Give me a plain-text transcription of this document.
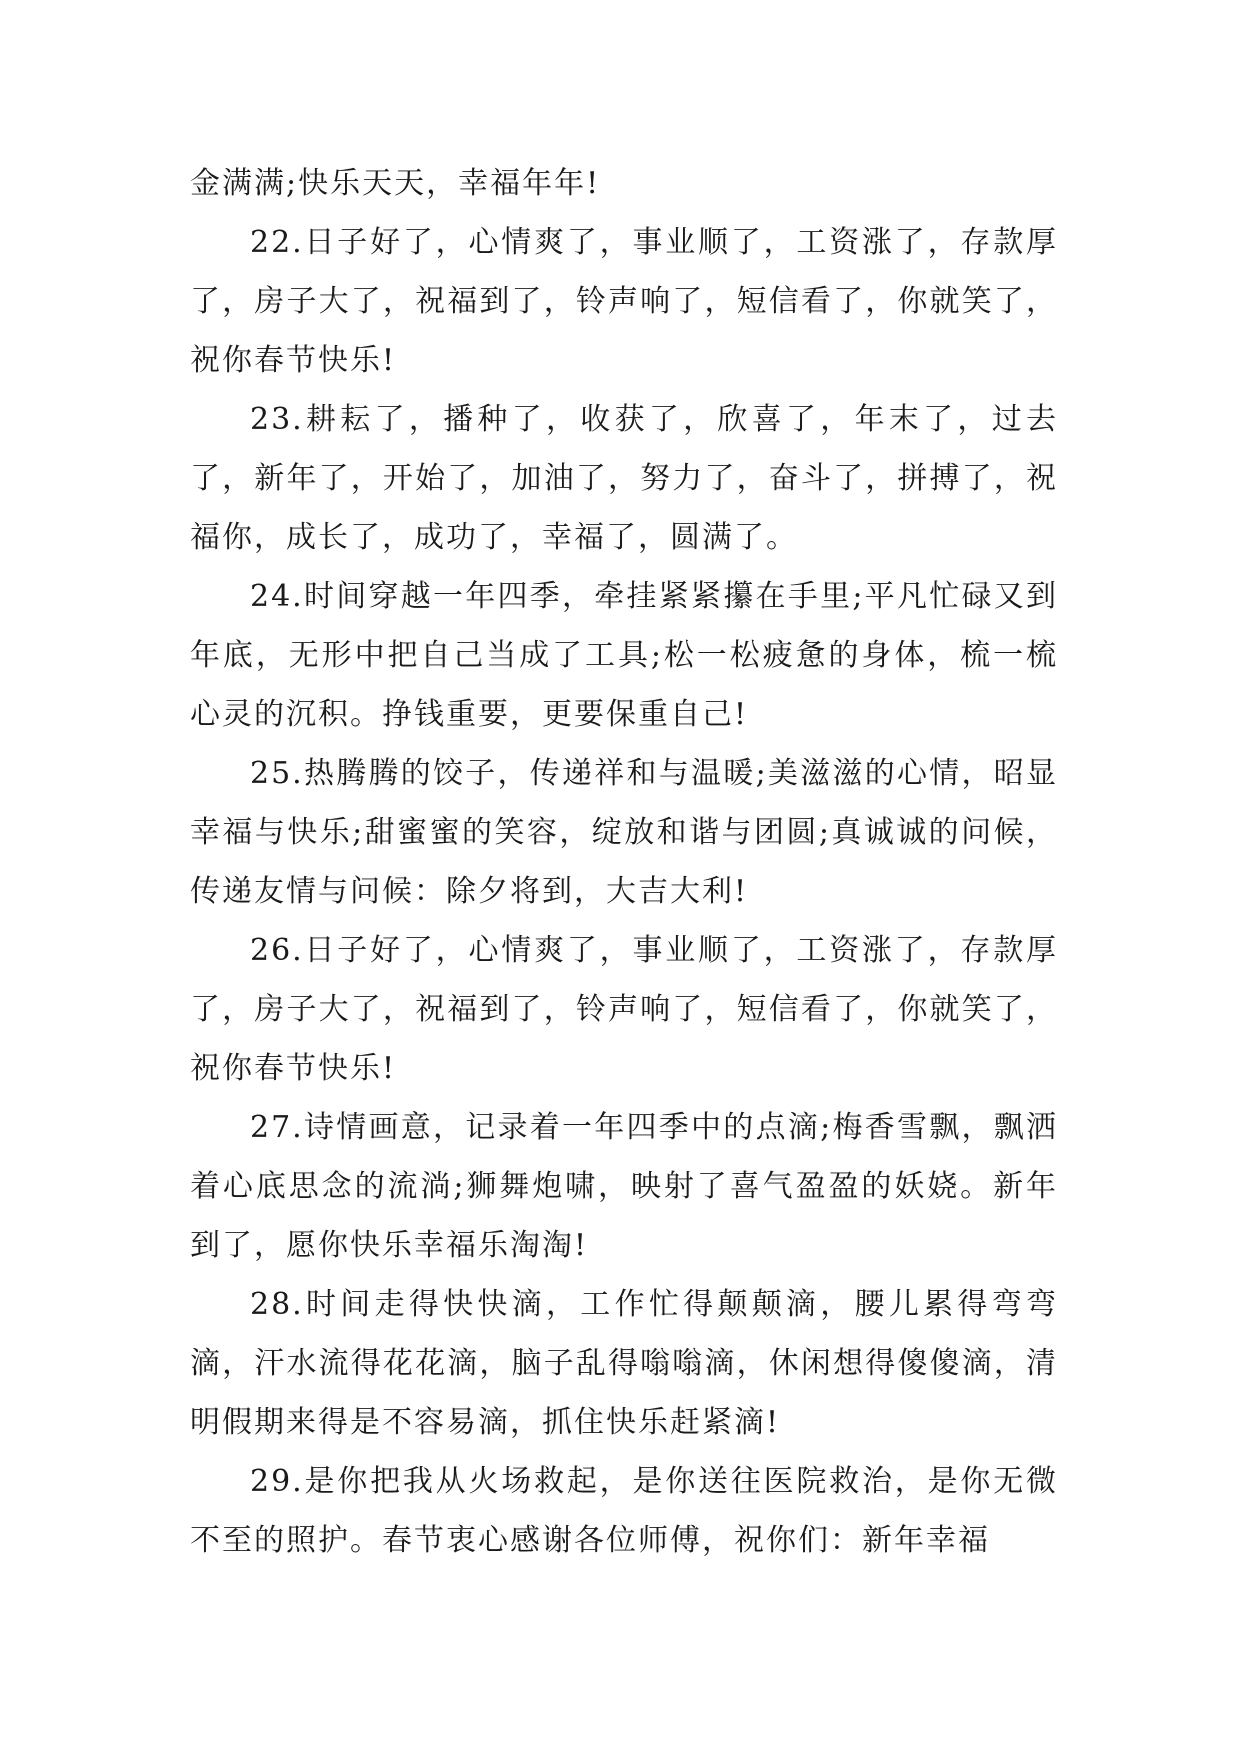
金满满;快乐天天，幸福年年!

22.日子好了，心情爽了，事业顺了，工资涨了，存款厚了，房子大了，祝福到了，铃声响了，短信看了，你就笑了，祝你春节快乐!

23.耕耘了，播种了，收获了，欣喜了，年末了，过去了，新年了，开始了，加油了，努力了，奋斗了，拼搏了，祝福你，成长了，成功了，幸福了，圆满了。

24.时间穿越一年四季，牵挂紧紧攥在手里;平凡忙碌又到年底，无形中把自己当成了工具;松一松疲惫的身体，梳一梳心灵的沉积。挣钱重要，更要保重自己!

25.热腾腾的饺子，传递祥和与温暖;美滋滋的心情，昭显幸福与快乐;甜蜜蜜的笑容，绽放和谐与团圆;真诚诚的问候，传递友情与问候：除夕将到，大吉大利!

26.日子好了，心情爽了，事业顺了，工资涨了，存款厚了，房子大了，祝福到了，铃声响了，短信看了，你就笑了，祝你春节快乐!

27.诗情画意，记录着一年四季中的点滴;梅香雪飘，飘洒着心底思念的流淌;狮舞炮啸，映射了喜气盈盈的妖娆。新年到了，愿你快乐幸福乐淘淘!

28.时间走得快快滴，工作忙得颠颠滴，腰儿累得弯弯滴，汗水流得花花滴，脑子乱得嗡嗡滴，休闲想得傻傻滴，清明假期来得是不容易滴，抓住快乐赶紧滴!

29.是你把我从火场救起，是你送往医院救治，是你无微不至的照护。春节衷心感谢各位师傅，祝你们：新年幸福
